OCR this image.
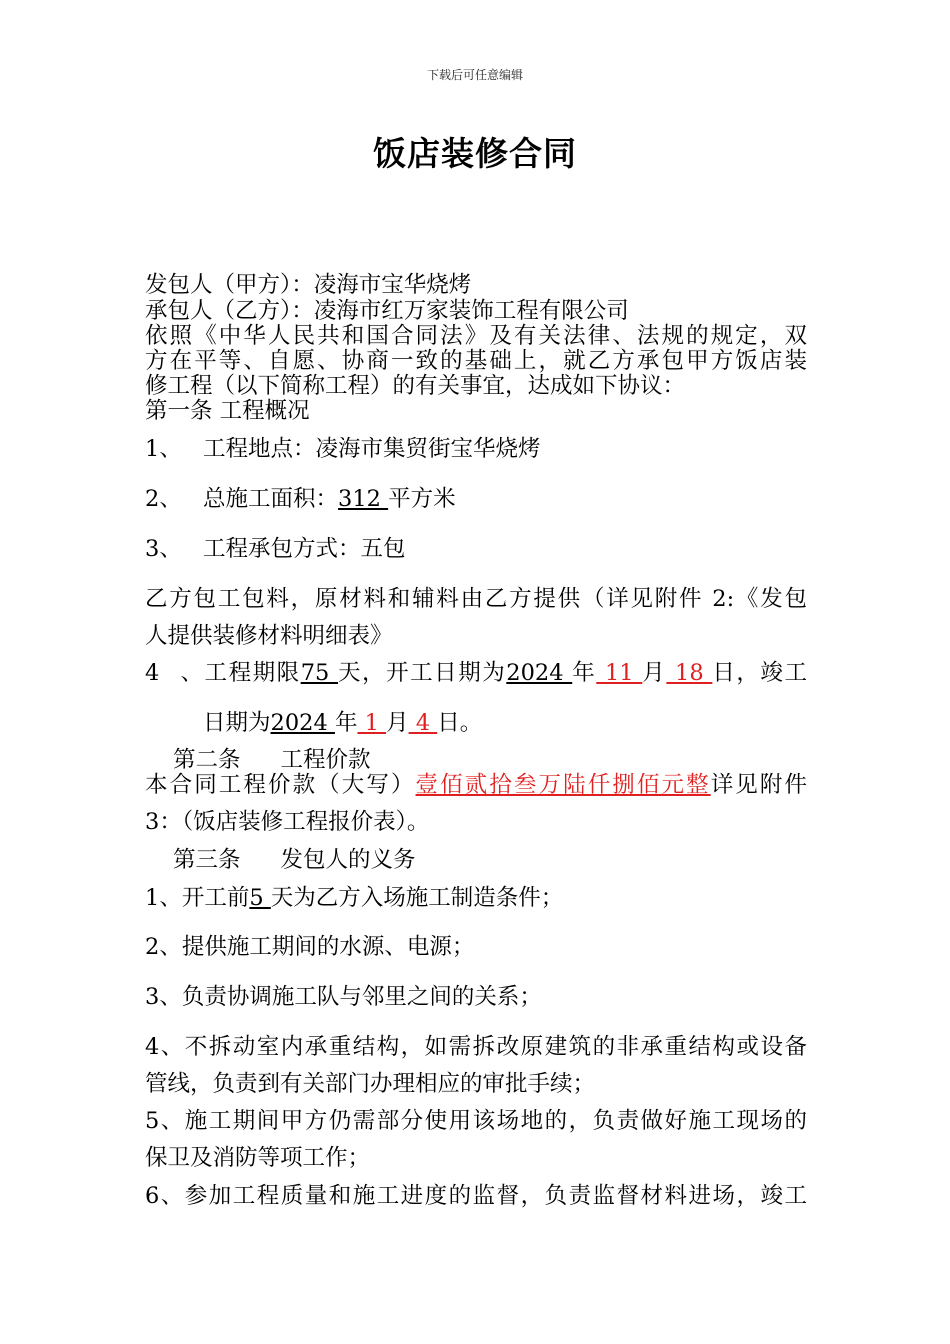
下载后可任意编辑
饭店装修合同
发包人（甲方）：凌海市宝华烧烤
承包人（乙方）：凌海市红万家装饰工程有限公司
依照《中华人民共和国合同法》及有关法律、法规的规定，双
方在平等、自愿、协商一致的基础上，就乙方承包甲方饭店装
修工程（以下简称工程）的有关事宜，达成如下协议：
第一条 工程概况
1、 工程地点：凌海市集贸街宝华烧烤
2、 总施工面积：312 平方米
3、 工程承包方式：五包
乙方包工包料，原材料和辅料由乙方提供（详见附件 2:《发包
人提供装修材料明细表》
4、工程期限75 天，开工日期为2024 年 11 月 18 日，竣工
日期为2024 年 1 月 4 日。
第二条 工程价款
本合同工程价款（大写）壹佰贰拾叁万陆仟捌佰元整详见附件
3：（饭店装修工程报价表）。
第三条 发包人的义务
1、开工前5 天为乙方入场施工制造条件；
2、提供施工期间的水源、电源；
3、负责协调施工队与邻里之间的关系；
4、不拆动室内承重结构，如需拆改原建筑的非承重结构或设备
管线，负责到有关部门办理相应的审批手续；
5、施工期间甲方仍需部分使用该场地的，负责做好施工现场的
保卫及消防等项工作；
6、参加工程质量和施工进度的监督，负责监督材料进场，竣工
